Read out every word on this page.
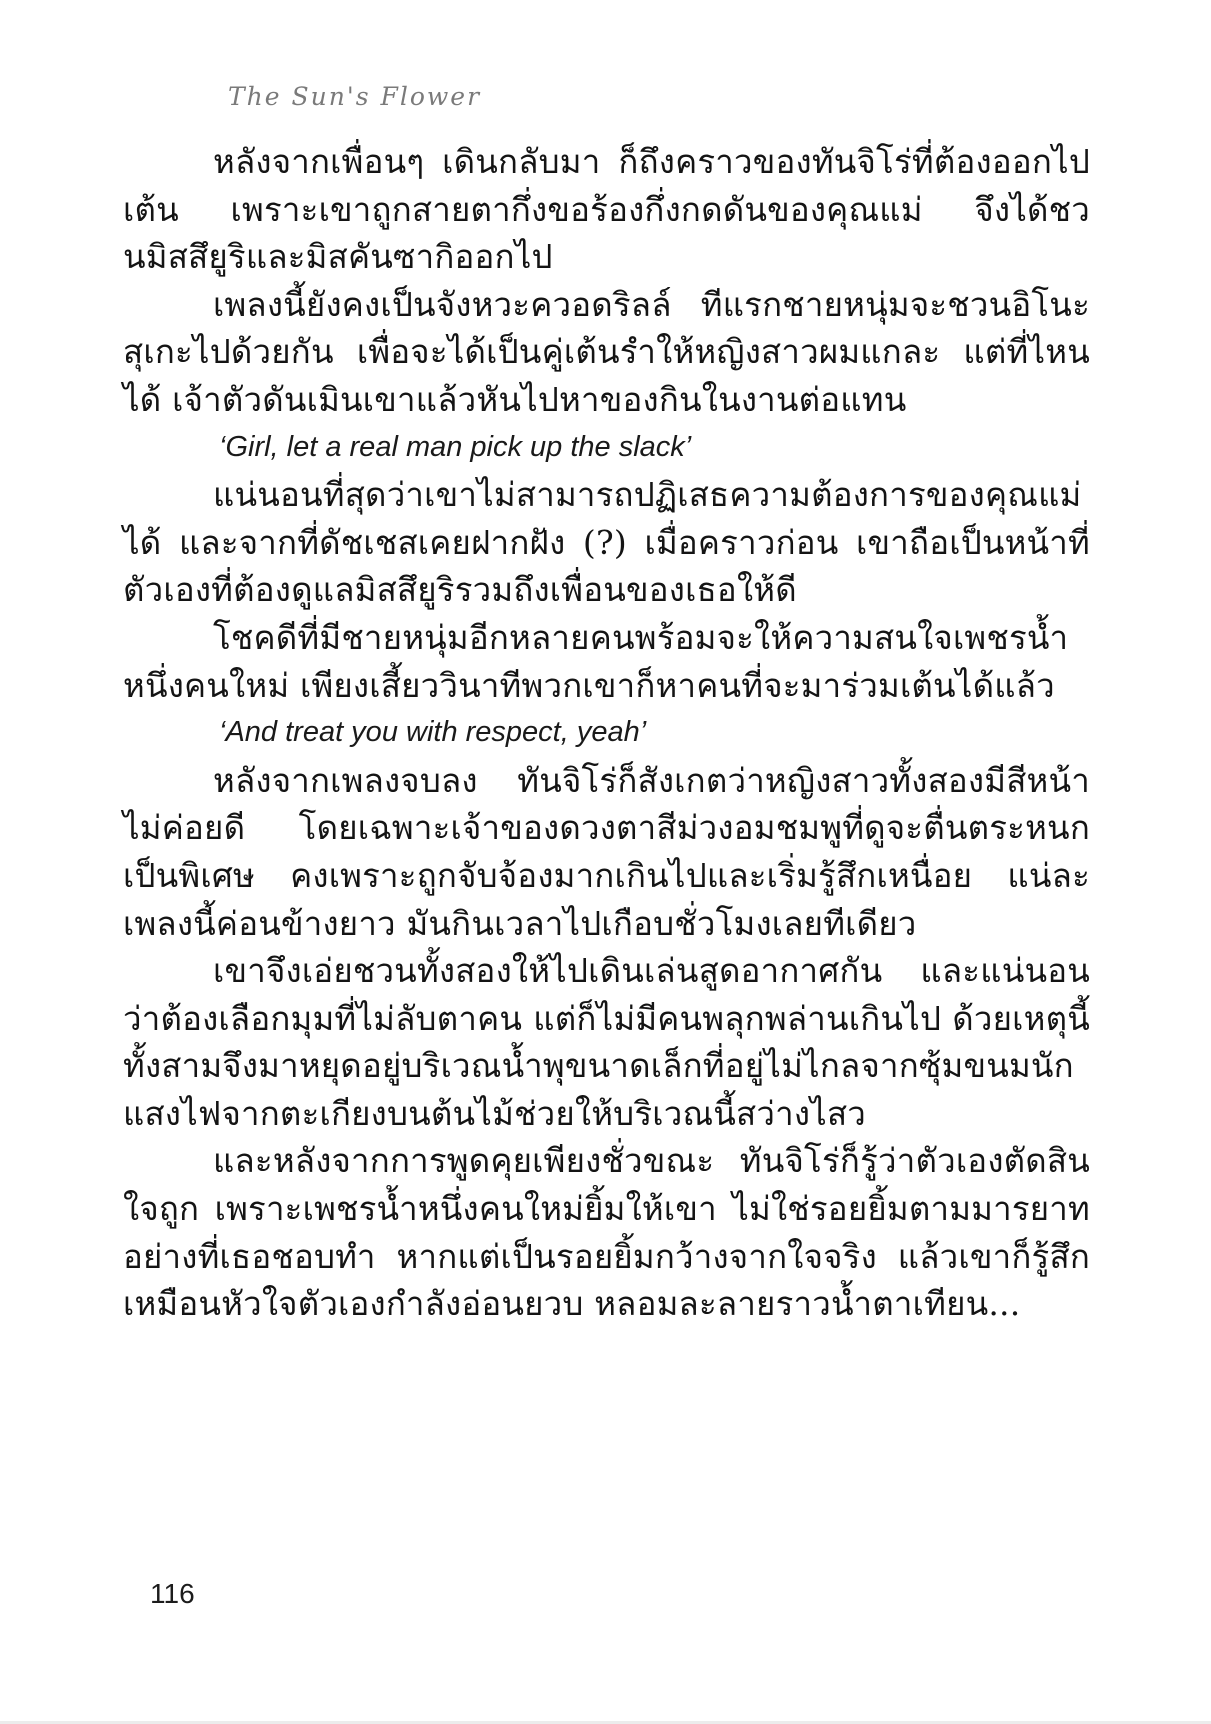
The Sun's Flower

หลังจากเพื่อนๆ เดินกลับมา ก็ถึงคราวของทันจิโร่ที่ต้องออกไปเต้น เพราะเขาถูกสายตากึ่งขอร้องกึ่งกดดันของคุณแม่ จึงได้ชวนมิสสึยูริและมิสคันซากิออกไป

เพลงนี้ยังคงเป็นจังหวะควอดริลล์ ทีแรกชายหนุ่มจะชวนอิโนะสุเกะไปด้วยกัน เพื่อจะได้เป็นคู่เต้นรำให้หญิงสาวผมแกละ แต่ที่ไหนได้ เจ้าตัวดันเมินเขาแล้วหันไปหาของกินในงานต่อแทน

‘Girl, let a real man pick up the slack’

แน่นอนที่สุดว่าเขาไม่สามารถปฏิเสธความต้องการของคุณแม่ได้ และจากที่ดัชเชสเคยฝากฝัง (?) เมื่อคราวก่อน เขาถือเป็นหน้าที่ตัวเองที่ต้องดูแลมิสสึยูริรวมถึงเพื่อนของเธอให้ดี

โชคดีที่มีชายหนุ่มอีกหลายคนพร้อมจะให้ความสนใจเพชรน้ำหนึ่งคนใหม่ เพียงเสี้ยววินาทีพวกเขาก็หาคนที่จะมาร่วมเต้นได้แล้ว

‘And treat you with respect, yeah’

หลังจากเพลงจบลง ทันจิโร่ก็สังเกตว่าหญิงสาวทั้งสองมีสีหน้าไม่ค่อยดี โดยเฉพาะเจ้าของดวงตาสีม่วงอมชมพูที่ดูจะตื่นตระหนกเป็นพิเศษ คงเพราะถูกจับจ้องมากเกินไปและเริ่มรู้สึกเหนื่อย แน่ละ เพลงนี้ค่อนข้างยาว มันกินเวลาไปเกือบชั่วโมงเลยทีเดียว

เขาจึงเอ่ยชวนทั้งสองให้ไปเดินเล่นสูดอากาศกัน และแน่นอนว่าต้องเลือกมุมที่ไม่ลับตาคน แต่ก็ไม่มีคนพลุกพล่านเกินไป ด้วยเหตุนี้ทั้งสามจึงมาหยุดอยู่บริเวณน้ำพุขนาดเล็กที่อยู่ไม่ไกลจากซุ้มขนมนัก แสงไฟจากตะเกียงบนต้นไม้ช่วยให้บริเวณนี้สว่างไสว

และหลังจากการพูดคุยเพียงชั่วขณะ ทันจิโร่ก็รู้ว่าตัวเองตัดสินใจถูก เพราะเพชรน้ำหนึ่งคนใหม่ยิ้มให้เขา ไม่ใช่รอยยิ้มตามมารยาทอย่างที่เธอชอบทำ หากแต่เป็นรอยยิ้มกว้างจากใจจริง แล้วเขาก็รู้สึกเหมือนหัวใจตัวเองกำลังอ่อนยวบ หลอมละลายราวน้ำตาเทียน...

116
